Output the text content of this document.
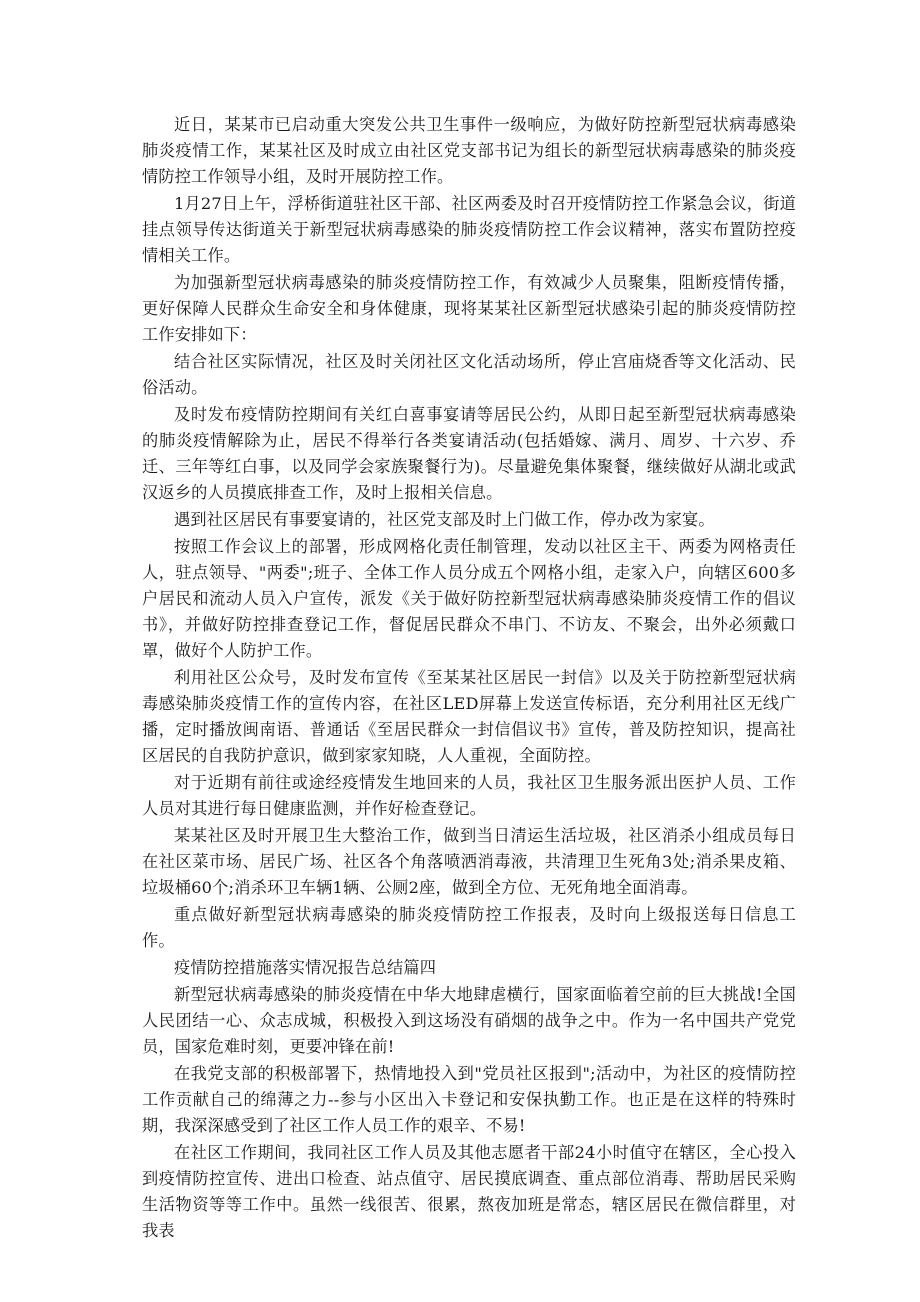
近日，某某市已启动重大突发公共卫生事件一级响应，为做好防控新型冠状病毒感染肺炎疫情工作，某某社区及时成立由社区党支部书记为组长的新型冠状病毒感染的肺炎疫情防控工作领导小组，及时开展防控工作。

1月27日上午，浮桥街道驻社区干部、社区两委及时召开疫情防控工作紧急会议，街道挂点领导传达街道关于新型冠状病毒感染的肺炎疫情防控工作会议精神，落实布置防控疫情相关工作。

为加强新型冠状病毒感染的肺炎疫情防控工作，有效减少人员聚集，阻断疫情传播，更好保障人民群众生命安全和身体健康，现将某某社区新型冠状感染引起的肺炎疫情防控工作安排如下：

结合社区实际情况，社区及时关闭社区文化活动场所，停止宫庙烧香等文化活动、民俗活动。

及时发布疫情防控期间有关红白喜事宴请等居民公约，从即日起至新型冠状病毒感染的肺炎疫情解除为止，居民不得举行各类宴请活动(包括婚嫁、满月、周岁、十六岁、乔迁、三年等红白事，以及同学会家族聚餐行为)。尽量避免集体聚餐，继续做好从湖北或武汉返乡的人员摸底排查工作，及时上报相关信息。

遇到社区居民有事要宴请的，社区党支部及时上门做工作，停办改为家宴。

按照工作会议上的部署，形成网格化责任制管理，发动以社区主干、两委为网格责任人，驻点领导、"两委";班子、全体工作人员分成五个网格小组，走家入户，向辖区600多户居民和流动人员入户宣传，派发《关于做好防控新型冠状病毒感染肺炎疫情工作的倡议书》，并做好防控排查登记工作，督促居民群众不串门、不访友、不聚会，出外必须戴口罩，做好个人防护工作。

利用社区公众号，及时发布宣传《至某某社区居民一封信》以及关于防控新型冠状病毒感染肺炎疫情工作的宣传内容，在社区LED屏幕上发送宣传标语，充分利用社区无线广播，定时播放闽南语、普通话《至居民群众一封信倡议书》宣传，普及防控知识，提高社区居民的自我防护意识，做到家家知晓，人人重视，全面防控。

对于近期有前往或途经疫情发生地回来的人员，我社区卫生服务派出医护人员、工作人员对其进行每日健康监测，并作好检查登记。

某某社区及时开展卫生大整治工作，做到当日清运生活垃圾，社区消杀小组成员每日在社区菜市场、居民广场、社区各个角落喷洒消毒液，共清理卫生死角3处;消杀果皮箱、垃圾桶60个;消杀环卫车辆1辆、公厕2座，做到全方位、无死角地全面消毒。

重点做好新型冠状病毒感染的肺炎疫情防控工作报表，及时向上级报送每日信息工作。

疫情防控措施落实情况报告总结篇四

新型冠状病毒感染的肺炎疫情在中华大地肆虐横行，国家面临着空前的巨大挑战!全国人民团结一心、众志成城，积极投入到这场没有硝烟的战争之中。作为一名中国共产党党员，国家危难时刻，更要冲锋在前!

在我党支部的积极部署下，热情地投入到"党员社区报到";活动中，为社区的疫情防控工作贡献自己的绵薄之力--参与小区出入卡登记和安保执勤工作。也正是在这样的特殊时期，我深深感受到了社区工作人员工作的艰辛、不易!

在社区工作期间，我同社区工作人员及其他志愿者干部24小时值守在辖区，全心投入到疫情防控宣传、进出口检查、站点值守、居民摸底调查、重点部位消毒、帮助居民采购生活物资等等工作中。虽然一线很苦、很累，熬夜加班是常态，辖区居民在微信群里，对我表
